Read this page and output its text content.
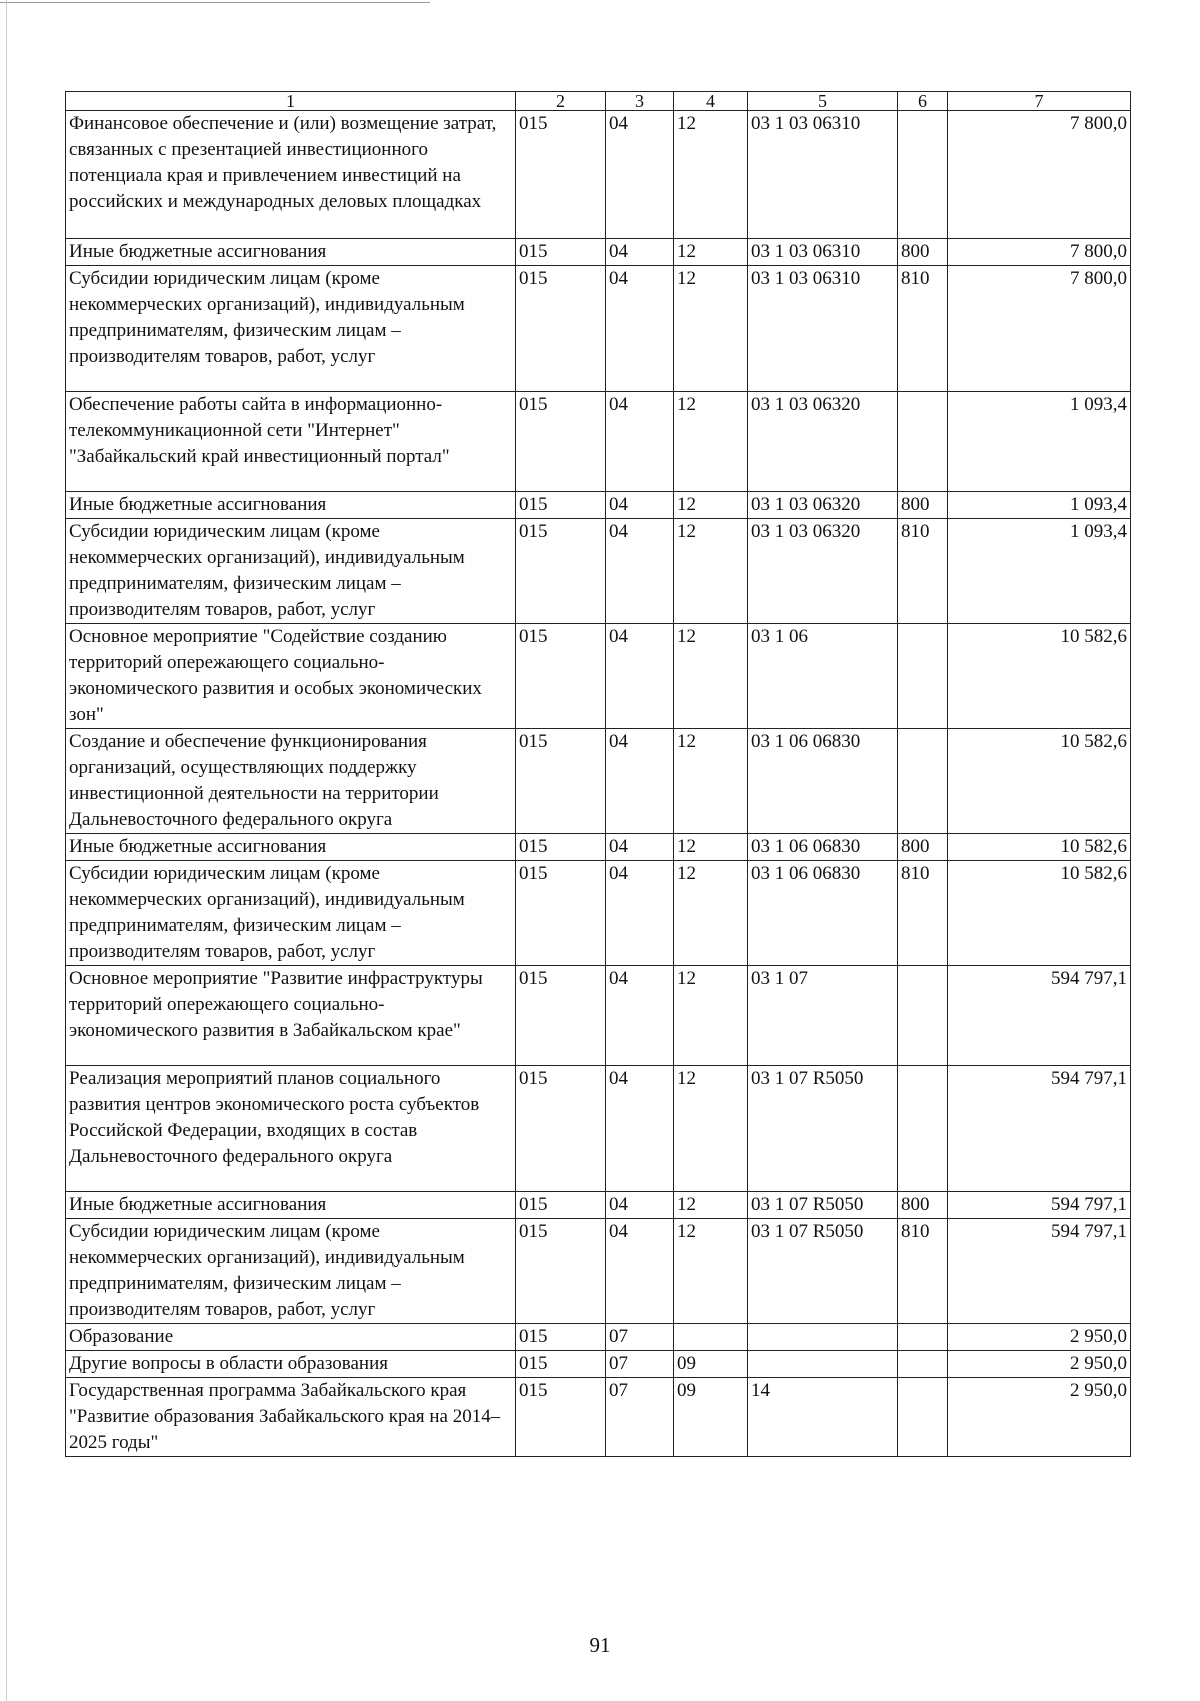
1	2	3	4	5	6	7
Финансовое обеспечение и (или) возмещение затрат, связанных с презентацией инвестиционного потенциала края и привлечением инвестиций на российских и международных деловых площадках	015	04	12	03 1 03 06310		7 800,0
Иные бюджетные ассигнования	015	04	12	03 1 03 06310	800	7 800,0
Субсидии юридическим лицам (кроме некоммерческих организаций), индивидуальным предпринимателям, физическим лицам – производителям товаров, работ, услуг	015	04	12	03 1 03 06310	810	7 800,0
Обеспечение работы сайта в информационно-телекоммуникационной сети "Интернет" "Забайкальский край инвестиционный портал"	015	04	12	03 1 03 06320		1 093,4
Иные бюджетные ассигнования	015	04	12	03 1 03 06320	800	1 093,4
Субсидии юридическим лицам (кроме некоммерческих организаций), индивидуальным предпринимателям, физическим лицам – производителям товаров, работ, услуг	015	04	12	03 1 03 06320	810	1 093,4
Основное мероприятие "Содействие созданию территорий опережающего социально-экономического развития и особых экономических зон"	015	04	12	03 1 06		10 582,6
Создание и обеспечение функционирования организаций, осуществляющих поддержку инвестиционной деятельности на территории Дальневосточного федерального округа	015	04	12	03 1 06 06830		10 582,6
Иные бюджетные ассигнования	015	04	12	03 1 06 06830	800	10 582,6
Субсидии юридическим лицам (кроме некоммерческих организаций), индивидуальным предпринимателям, физическим лицам – производителям товаров, работ, услуг	015	04	12	03 1 06 06830	810	10 582,6
Основное мероприятие "Развитие инфраструктуры территорий опережающего социально-экономического развития в Забайкальском крае"	015	04	12	03 1 07		594 797,1
Реализация мероприятий планов социального развития центров экономического роста субъектов Российской Федерации, входящих в состав Дальневосточного федерального округа	015	04	12	03 1 07 R5050		594 797,1
Иные бюджетные ассигнования	015	04	12	03 1 07 R5050	800	594 797,1
Субсидии юридическим лицам (кроме некоммерческих организаций), индивидуальным предпринимателям, физическим лицам – производителям товаров, работ, услуг	015	04	12	03 1 07 R5050	810	594 797,1
Образование	015	07				2 950,0
Другие вопросы в области образования	015	07	09			2 950,0
Государственная программа Забайкальского края "Развитие образования Забайкальского края на 2014–2025 годы"	015	07	09	14		2 950,0
91
